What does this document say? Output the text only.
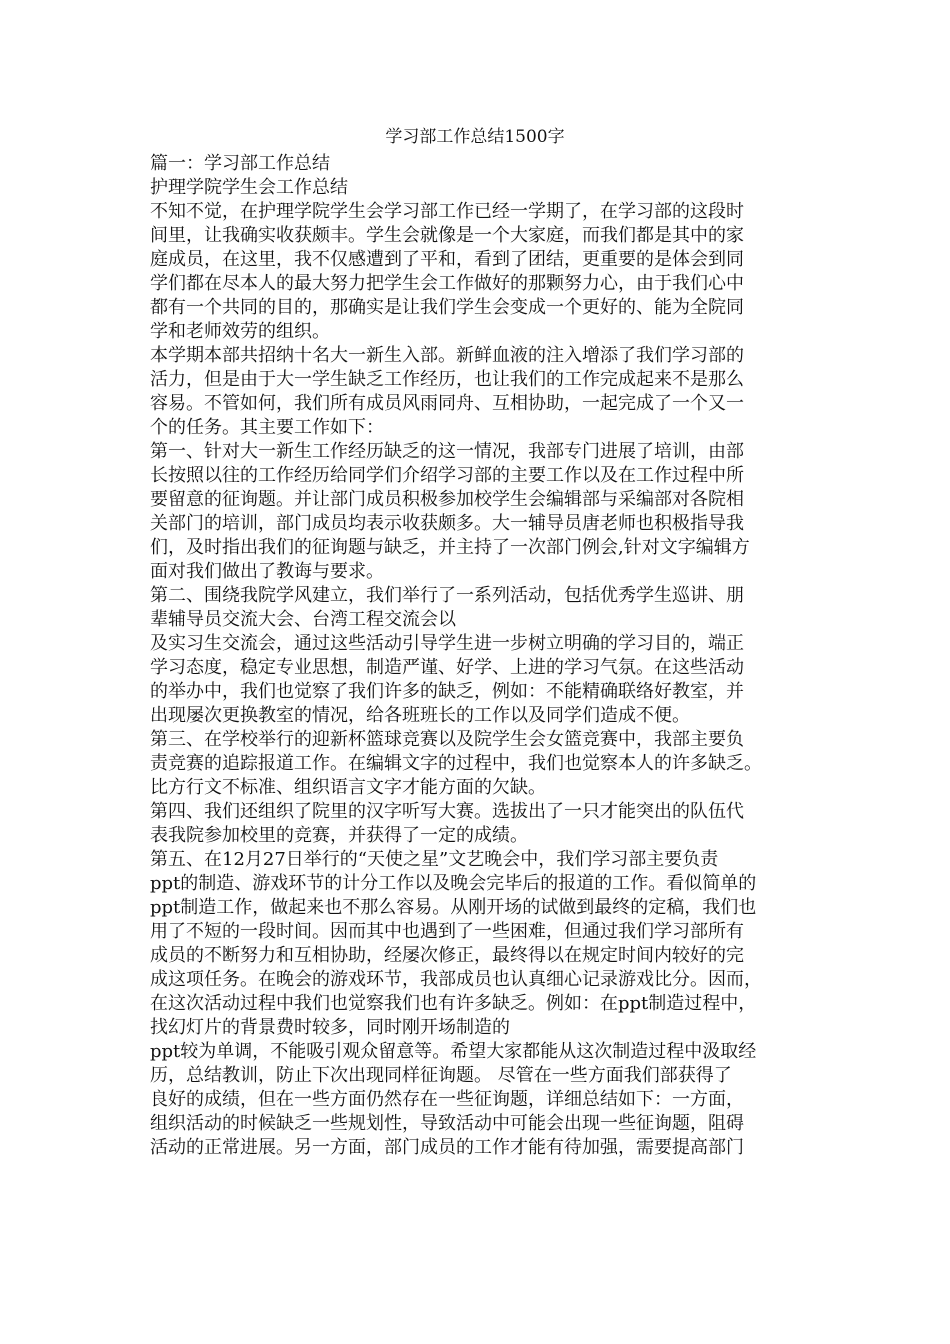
学习部工作总结1500字

篇一：学习部工作总结

护理学院学生会工作总结

不知不觉，在护理学院学生会学习部工作已经一学期了，在学习部的这段时

间里，让我确实收获颇丰。学生会就像是一个大家庭，而我们都是其中的家

庭成员，在这里，我不仅感遭到了平和，看到了团结，更重要的是体会到同

学们都在尽本人的最大努力把学生会工作做好的那颗努力心，由于我们心中

都有一个共同的目的，那确实是让我们学生会变成一个更好的、能为全院同

学和老师效劳的组织。

本学期本部共招纳十名大一新生入部。新鲜血液的注入增添了我们学习部的

活力，但是由于大一学生缺乏工作经历，也让我们的工作完成起来不是那么

容易。不管如何，我们所有成员风雨同舟、互相协助，一起完成了一个又一

个的任务。其主要工作如下：

第一、针对大一新生工作经历缺乏的这一情况，我部专门进展了培训，由部

长按照以往的工作经历给同学们介绍学习部的主要工作以及在工作过程中所

要留意的征询题。并让部门成员积极参加校学生会编辑部与采编部对各院相

关部门的培训，部门成员均表示收获颇多。大一辅导员唐老师也积极指导我

们，及时指出我们的征询题与缺乏，并主持了一次部门例会,针对文字编辑方

面对我们做出了教诲与要求。

第二、围绕我院学风建立，我们举行了一系列活动，包括优秀学生巡讲、朋

辈辅导员交流大会、台湾工程交流会以

及实习生交流会，通过这些活动引导学生进一步树立明确的学习目的，端正

学习态度，稳定专业思想，制造严谨、好学、上进的学习气氛。在这些活动

的举办中，我们也觉察了我们许多的缺乏，例如：不能精确联络好教室，并

出现屡次更换教室的情况，给各班班长的工作以及同学们造成不便。

第三、在学校举行的迎新杯篮球竞赛以及院学生会女篮竞赛中，我部主要负

责竞赛的追踪报道工作。在编辑文字的过程中，我们也觉察本人的许多缺乏。

比方行文不标准、组织语言文字才能方面的欠缺。

第四、我们还组织了院里的汉字听写大赛。选拔出了一只才能突出的队伍代

表我院参加校里的竞赛，并获得了一定的成绩。

第五、在12月27日举行的“天使之星”文艺晚会中，我们学习部主要负责

ppt的制造、游戏环节的计分工作以及晚会完毕后的报道的工作。看似简单的

ppt制造工作，做起来也不那么容易。从刚开场的试做到最终的定稿，我们也

用了不短的一段时间。因而其中也遇到了一些困难，但通过我们学习部所有

成员的不断努力和互相协助，经屡次修正，最终得以在规定时间内较好的完

成这项任务。在晚会的游戏环节，我部成员也认真细心记录游戏比分。因而，

在这次活动过程中我们也觉察我们也有许多缺乏。例如：在ppt制造过程中，

找幻灯片的背景费时较多，同时刚开场制造的

ppt较为单调，不能吸引观众留意等。希望大家都能从这次制造过程中汲取经

历，总结教训，防止下次出现同样征询题。 尽管在一些方面我们部获得了

良好的成绩，但在一些方面仍然存在一些征询题，详细总结如下：一方面，

组织活动的时候缺乏一些规划性，导致活动中可能会出现一些征询题，阻碍

活动的正常进展。另一方面，部门成员的工作才能有待加强，需要提高部门
